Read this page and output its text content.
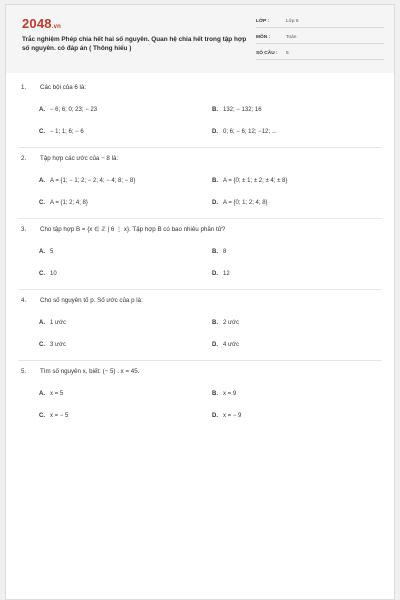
2048.vn
Trắc nghiệm Phép chia hết hai số nguyên. Quan hệ chia hết trong tập hợp số nguyên. có đáp án ( Thông hiểu )
LỚP :	Lớp 6
MÔN :	Toán
SỐ CÂU : 5
1. Các bội của 6 là:
A. − 6; 6; 0; 23; − 23	B. 132; − 132; 16
C. − 1; 1; 6; − 6	D. 0; 6; − 6; 12; −12; ...
2. Tập hợp các ước của − 8 là:
A. A = {1; − 1; 2; − 2; 4; − 4; 8; − 8}	B. A = {0; ± 1; ± 2; ± 4; ± 8}
C. A = {1; 2; 4; 8}	D. A = {0; 1; 2; 4; 8}
3. Cho tập hợp B = {x ∈ ℤ | 6 ⋮ x}. Tập hợp B có bao nhiêu phần tử?
A. 5	B. 8
C. 10	D. 12
4. Cho số nguyên tố p. Số ước của p là:
A. 1 ước	B. 2 ước
C. 3 ước	D. 4 ước
5. Tìm số nguyên x, biết: (− 5) . x = 45.
A. x = 5	B. x = 9
C. x = − 5	D. x = − 9
